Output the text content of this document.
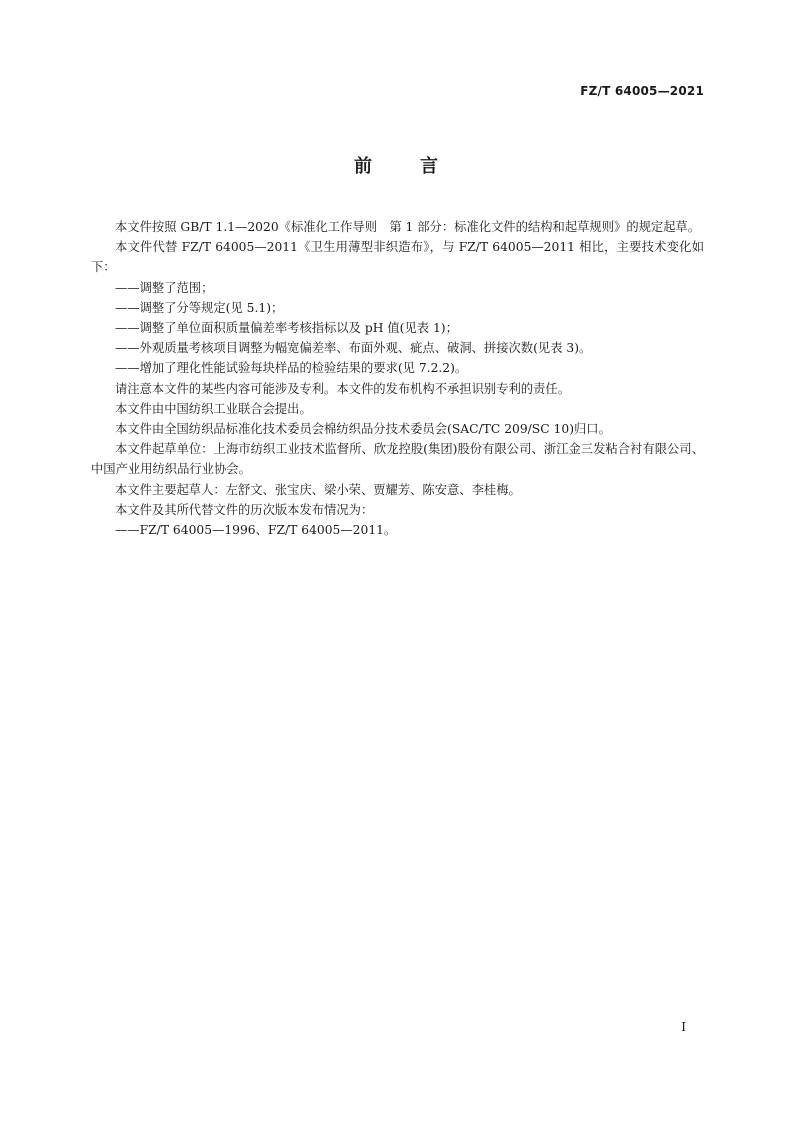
FZ/T 64005—2021
前	言

本文件按照 GB/T 1.1—2020《标准化工作导则　第 1 部分：标准化文件的结构和起草规则》的规定起草。

本文件代替 FZ/T 64005—2011《卫生用薄型非织造布》，与 FZ/T 64005—2011 相比，主要技术变化如下：

——调整了范围；

——调整了分等规定(见 5.1)；

——调整了单位面积质量偏差率考核指标以及 pH 值(见表 1)；

——外观质量考核项目调整为幅宽偏差率、布面外观、疵点、破洞、拼接次数(见表 3)。

——增加了理化性能试验每块样品的检验结果的要求(见 7.2.2)。

请注意本文件的某些内容可能涉及专利。本文件的发布机构不承担识别专利的责任。

本文件由中国纺织工业联合会提出。

本文件由全国纺织品标准化技术委员会棉纺织品分技术委员会(SAC/TC 209/SC 10)归口。

本文件起草单位：上海市纺织工业技术监督所、欣龙控股(集团)股份有限公司、浙江金三发粘合衬有限公司、中国产业用纺织品行业协会。

本文件主要起草人：左舒文、张宝庆、梁小荣、贾耀芳、陈安意、李桂梅。

本文件及其所代替文件的历次版本发布情况为：

——FZ/T 64005—1996、FZ/T 64005—2011。

I
